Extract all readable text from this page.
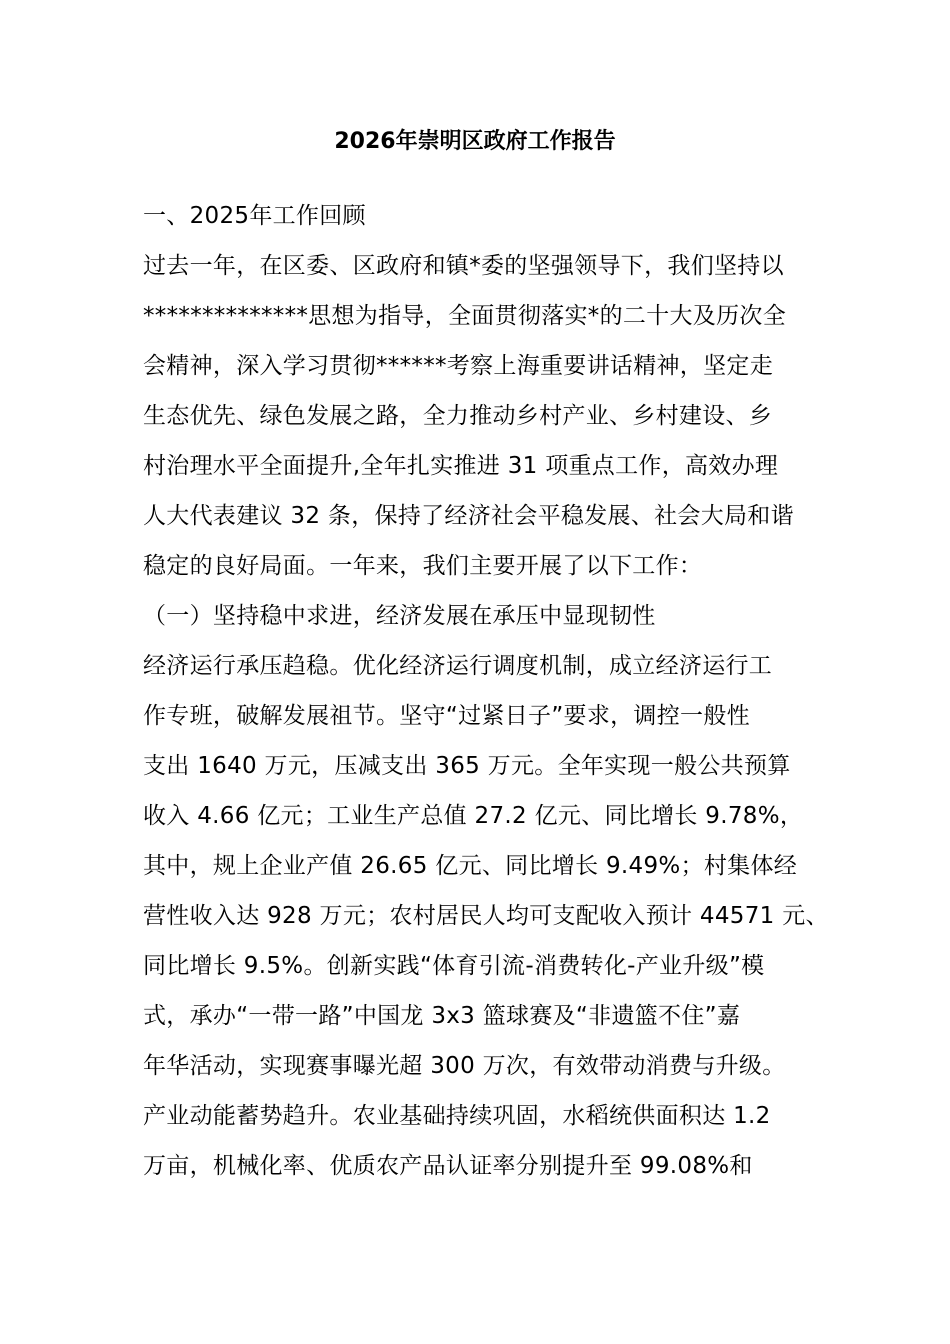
2026年崇明区政府工作报告
一、2025年工作回顾
过去一年，在区委、区政府和镇*委的坚强领导下，我们坚持以
**************思想为指导，全面贯彻落实*的二十大及历次全
会精神，深入学习贯彻******考察上海重要讲话精神，坚定走
生态优先、绿色发展之路，全力推动乡村产业、乡村建设、乡
村治理水平全面提升,全年扎实推进 31 项重点工作，高效办理
人大代表建议 32 条，保持了经济社会平稳发展、社会大局和谐
稳定的良好局面。一年来，我们主要开展了以下工作：
（一）坚持稳中求进，经济发展在承压中显现韧性
经济运行承压趋稳。优化经济运行调度机制，成立经济运行工
作专班，破解发展祖节。坚守“过紧日子”要求，调控一般性
支出 1640 万元，压减支出 365 万元。全年实现一般公共预算
收入 4.66 亿元；工业生产总值 27.2 亿元、同比增长 9.78%，
其中，规上企业产值 26.65 亿元、同比增长 9.49%；村集体经
营性收入达 928 万元；农村居民人均可支配收入预计 44571 元、
同比增长 9.5%。创新实践“体育引流-消费转化-产业升级”模
式，承办“一带一路”中国龙 3x3 篮球赛及“非遗篮不住”嘉
年华活动，实现赛事曝光超 300 万次，有效带动消费与升级。
产业动能蓄势趋升。农业基础持续巩固，水稻统供面积达 1.2
万亩，机械化率、优质农产品认证率分别提升至 99.08%和
